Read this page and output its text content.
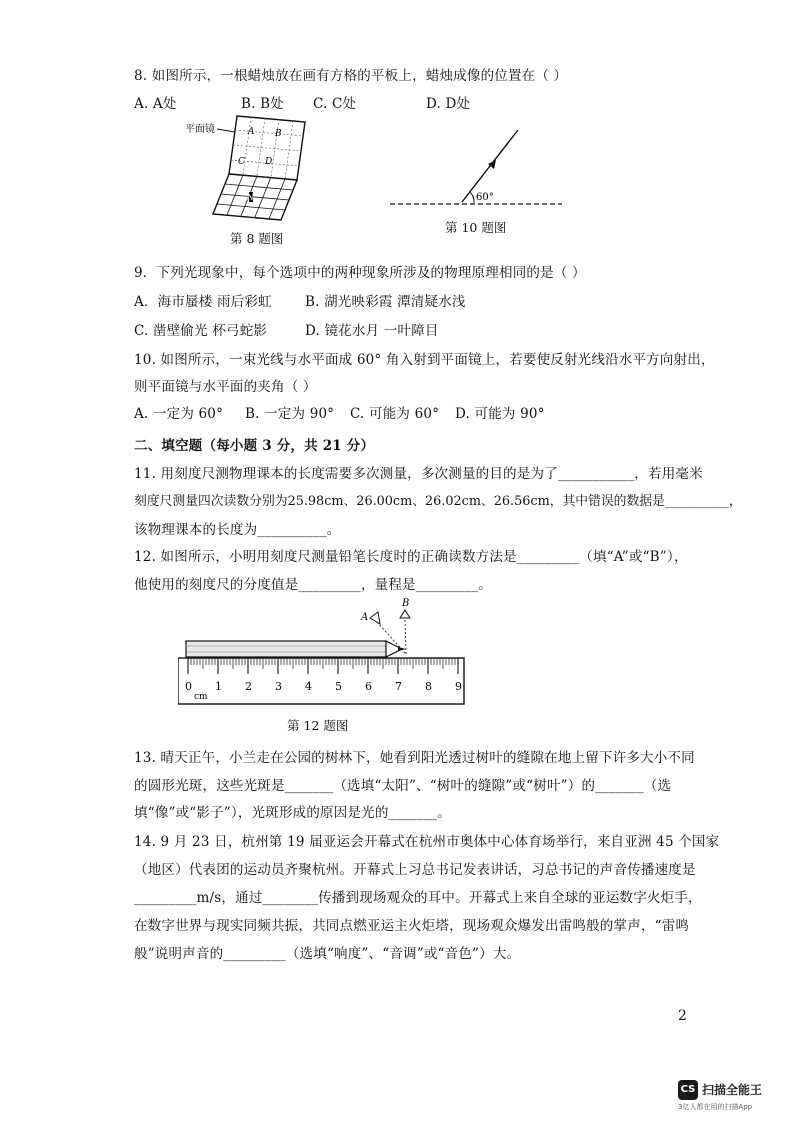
8. 如图所示，一根蜡烛放在画有方格的平板上，蜡烛成像的位置在（ ）
A. A处	B. B处 C. C处	D. D处
平面镜	A B
C D
N
第 8 题图
60°
第 10 题图
9．下列光现象中，每个选项中的两种现象所涉及的物理原理相同的是（ ）
A．海市蜃楼 雨后彩虹 B. 湖光映彩霞 潭清疑水浅
C. 凿壁偷光 杯弓蛇影	D. 镜花水月 一叶障目
10. 如图所示，一束光线与水平面成 60° 角入射到平面镜上，若要使反射光线沿水平方向射出，
则平面镜与水平面的夹角（ ）
A. 一定为 60° B. 一定为 90° C. 可能为 60° D. 可能为 90°
二、填空题（每小题 3 分，共 21 分）
11. 用刻度尺测物理课本的长度需要多次测量，多次测量的目的是为了___________，若用毫米
刻度尺测量四次读数分别为25.98cm、26.00cm、26.02cm、26.56cm，其中错误的数据是__________，
该物理课本的长度为__________。
12. 如图所示，小明用刻度尺测量铅笔长度时的正确读数方法是_________（填“A”或“B”），
他使用的刻度尺的分度值是_________，量程是_________。
A
B
0 1 2 3 4 5 6 7 8 9
cm
第 12 题图
13. 晴天正午，小兰走在公园的树林下，她看到阳光透过树叶的缝隙在地上留下许多大小不同
的圆形光斑，这些光斑是_______（选填“太阳”、“树叶的缝隙”或“树叶”）的_______（选
填“像”或“影子”），光斑形成的原因是光的_______。
14. 9 月 23 日，杭州第 19 届亚运会开幕式在杭州市奥体中心体育场举行，来自亚洲 45 个国家
（地区）代表团的运动员齐聚杭州。开幕式上习总书记发表讲话，习总书记的声音传播速度是
_________m/s，通过________传播到现场观众的耳中。开幕式上来自全球的亚运数字火炬手，
在数字世界与现实同频共振，共同点燃亚运主火炬塔，现场观众爆发出雷鸣般的掌声，“雷鸣
般”说明声音的_________（选填“响度”、“音调”或“音色”）大。
2
CS 扫描全能王
3亿人都在用的扫描App
